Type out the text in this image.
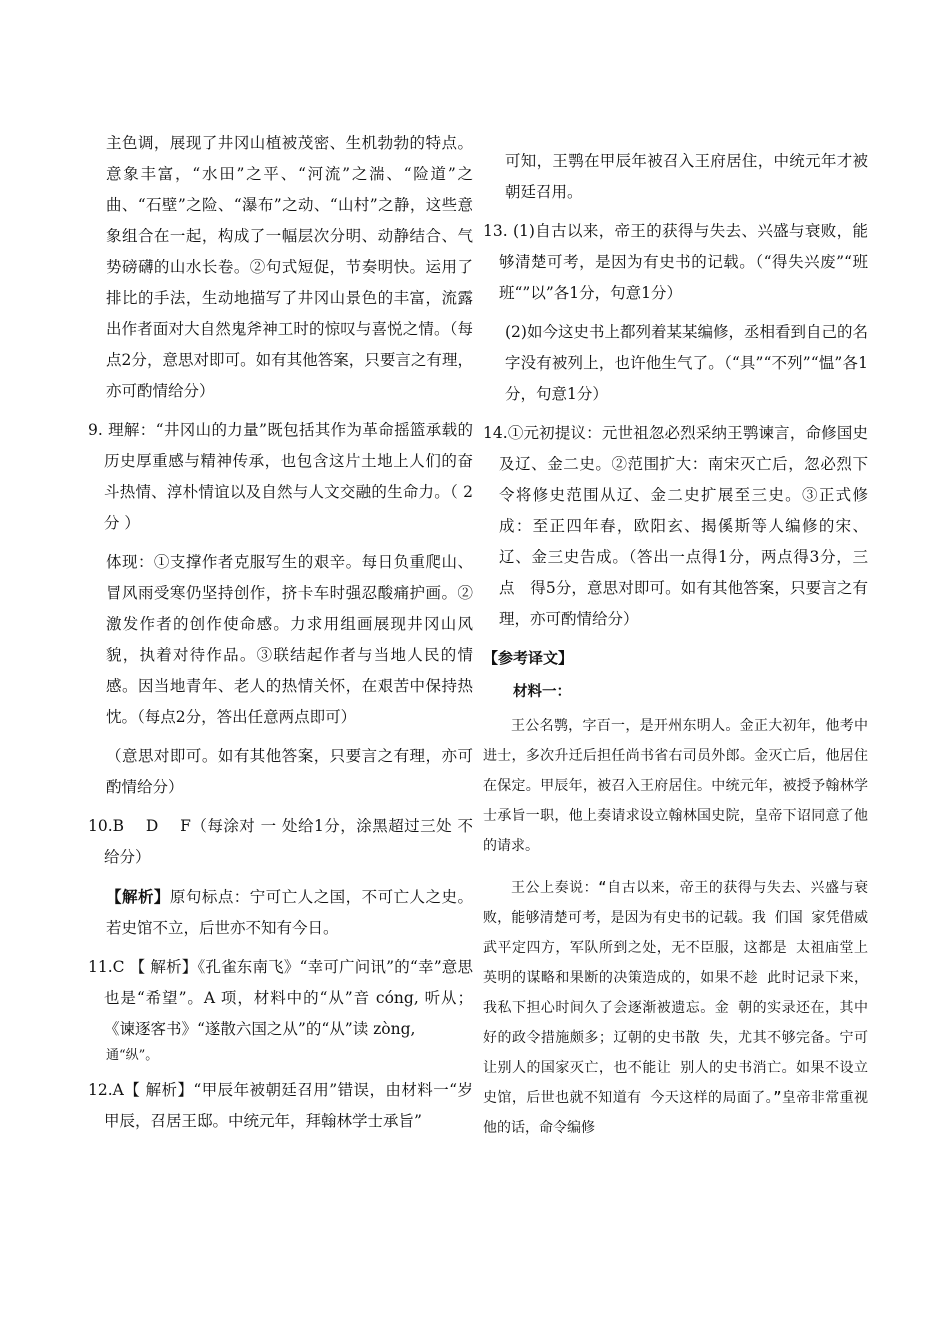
主色调，展现了井冈山植被茂密、生机勃勃的特点。意象丰富，“水田”之平、“河流”之湍、“险道”之曲、“石壁”之险、“瀑布”之动、“山村”之静，这些意象组合在一起，构成了一幅层次分明、动静结合、气势磅礴的山水长卷。②句式短促，节奏明快。运用了排比的手法，生动地描写了井冈山景色的丰富，流露出作者面对大自然鬼斧神工时的惊叹与喜悦之情。（每点2分，意思对即可。如有其他答案，只要言之有理，亦可酌情给分）

9. 理解：“井冈山的力量”既包括其作为革命摇篮承载的历史厚重感与精神传承，也包含这片土地上人们的奋斗热情、淳朴情谊以及自然与人文交融的生命力。（ 2 分 ）

体现：①支撑作者克服写生的艰辛。每日负重爬山、冒风雨受寒仍坚持创作，挤卡车时强忍酸痛护画。②激发作者的创作使命感。力求用组画展现井冈山风貌，执着对待作品。③联结起作者与当地人民的情感。因当地青年、老人的热情关怀，在艰苦中保持热忱。（每点2分，答出任意两点即可）

（意思对即可。如有其他答案，只要言之有理，亦可酌情给分）

10.B　 D　 F（每涂对 一 处给1分，涂黑超过三处 不 给分）

【解析】原句标点：宁可亡人之国，不可亡人之史。若史馆不立，后世亦不知有今日。

11.C 【 解析】《孔雀东南飞》“幸可广问讯”的“幸”意思也是“希望”。A 项，材料中的“从”音 cóng, 听从；《谏逐客书》“遂散六国之从”的“从”读 zòng,

通“纵”。

12.A【 解析】“甲辰年被朝廷召用”错误，由材料一“岁甲辰，召居王邸。中统元年，拜翰林学士承旨”

可知，王鹗在甲辰年被召入王府居住，中统元年才被朝廷召用。

13. (1)自古以来，帝王的获得与失去、兴盛与衰败，能够清楚可考，是因为有史书的记载。（“得失兴废”“班班“”以”各1分，句意1分）

(2)如今这史书上都列着某某编修，丞相看到自己的名字没有被列上，也许他生气了。（“具”“不列”“愠”各1分，句意1分）

14.①元初提议：元世祖忽必烈采纳王鹗谏言，命修国史及辽、金二史。②范围扩大：南宋灭亡后，忽必烈下令将修史范围从辽、金二史扩展至三史。③正式修成：至正四年春，欧阳玄、揭傒斯等人编修的宋、辽、金三史告成。（答出一点得1分，两点得3分，三 点　得5分，意思对即可。如有其他答案，只要言之有　理，亦可酌情给分）

【参考译文】

材料一：

王公名鹗，字百一，是开州东明人。金正大初年，他考中进士，多次升迁后担任尚书省右司员外郎。金灭亡后，他居住在保定。甲辰年，被召入王府居住。中统元年，被授予翰林学士承旨一职，他上奏请求设立翰林国史院，皇帝下诏同意了他的请求。

王公上奏说：“自古以来，帝王的获得与失去、兴盛与衰败，能够清楚可考，是因为有史书的记载。我 们国 家凭借威武平定四方，军队所到之处，无不臣服，这都是 太祖庙堂上英明的谋略和果断的决策造成的，如果不趁 此时记录下来，我私下担心时间久了会逐渐被遗忘。金 朝的实录还在，其中好的政令措施颇多；辽朝的史书散 失，尤其不够完备。宁可让别人的国家灭亡，也不能让 别人的史书消亡。如果不设立史馆，后世也就不知道有 今天这样的局面了。”皇帝非常重视他的话，命令编修
